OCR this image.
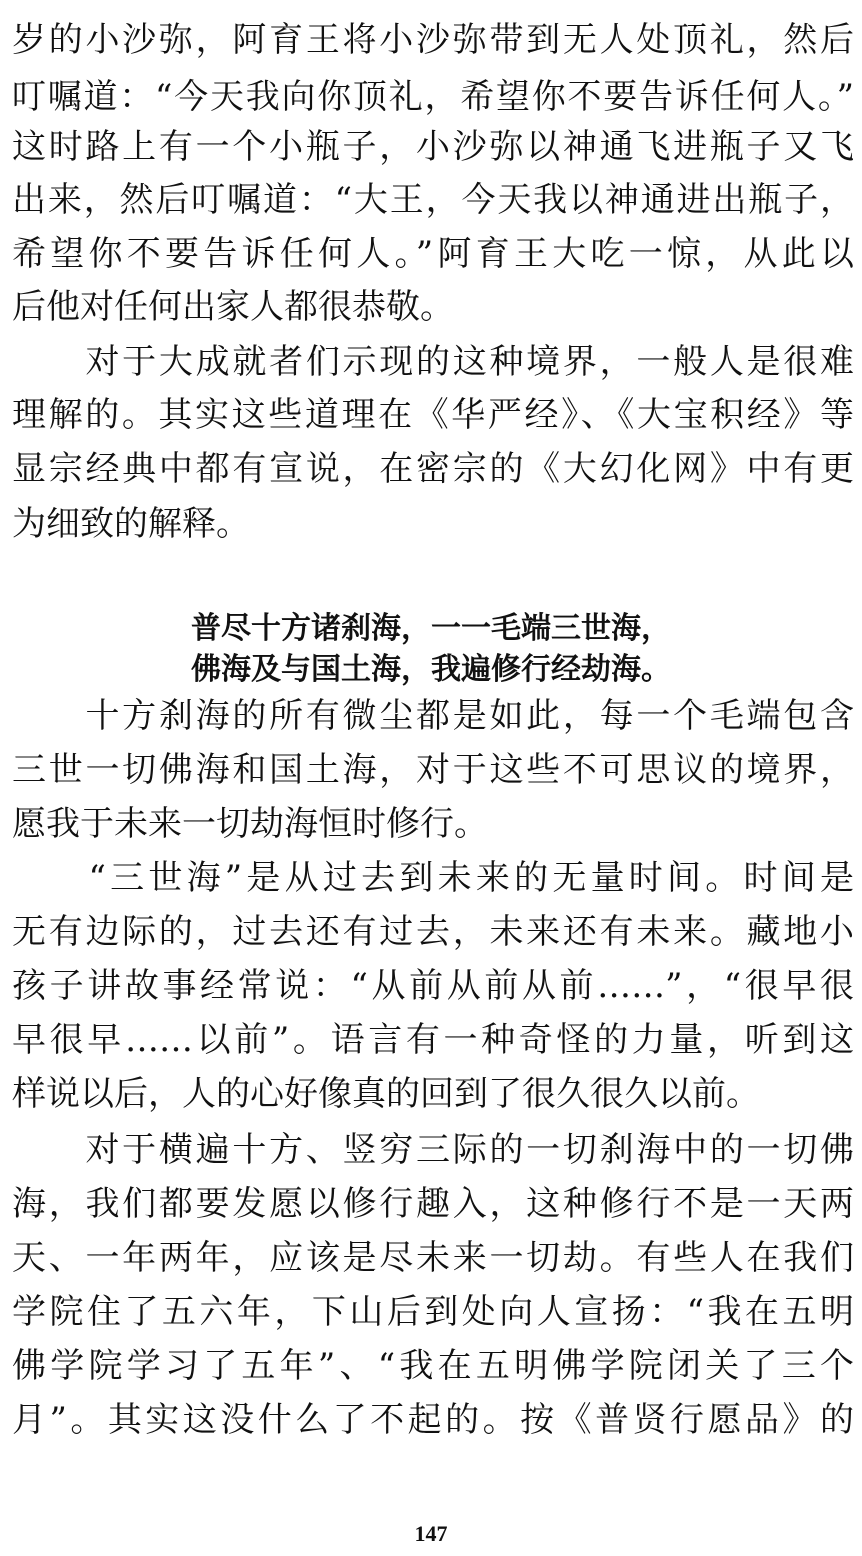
岁的小沙弥，阿育王将小沙弥带到无人处顶礼，然后
叮嘱道：“今天我向你顶礼，希望你不要告诉任何人。”
这时路上有一个小瓶子，小沙弥以神通飞进瓶子又飞
出来，然后叮嘱道：“大王，今天我以神通进出瓶子，
希望你不要告诉任何人。”阿育王大吃一惊，从此以
后他对任何出家人都很恭敬。
　　对于大成就者们示现的这种境界，一般人是很难
理解的。其实这些道理在《华严经》、《大宝积经》等
显宗经典中都有宣说，在密宗的《大幻化网》中有更
为细致的解释。
普尽十方诸刹海，一一毛端三世海，
佛海及与国土海，我遍修行经劫海。
　　十方刹海的所有微尘都是如此，每一个毛端包含
三世一切佛海和国土海，对于这些不可思议的境界，
愿我于未来一切劫海恒时修行。
　　“三世海”是从过去到未来的无量时间。时间是
无有边际的，过去还有过去，未来还有未来。藏地小
孩子讲故事经常说：“从前从前从前……”，“很早很
早很早……以前”。语言有一种奇怪的力量，听到这
样说以后，人的心好像真的回到了很久很久以前。
　　对于横遍十方、竖穷三际的一切刹海中的一切佛
海，我们都要发愿以修行趣入，这种修行不是一天两
天、一年两年，应该是尽未来一切劫。有些人在我们
学院住了五六年，下山后到处向人宣扬：“我在五明
佛学院学习了五年”、“我在五明佛学院闭关了三个
月”。其实这没什么了不起的。按《普贤行愿品》的
147
